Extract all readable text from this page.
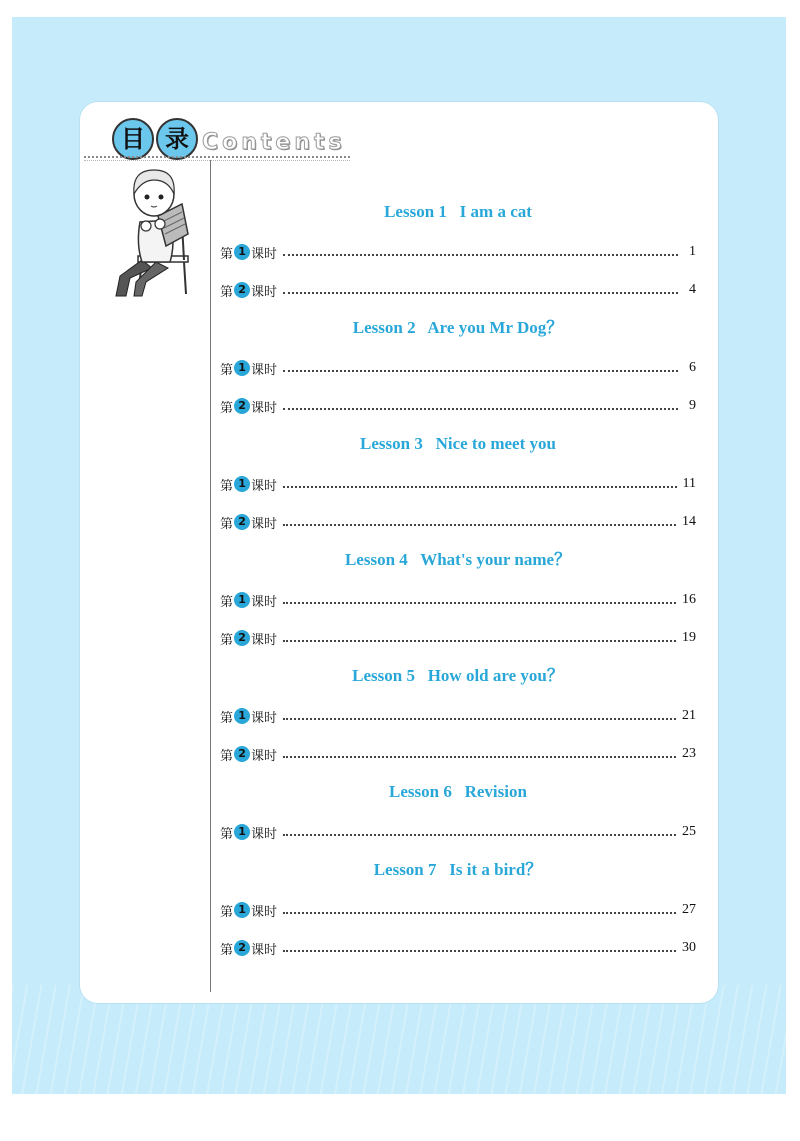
目 录 Contents
Lesson 1   I am a cat
第 1 课时	1
第 2 课时	4
Lesson 2   Are you Mr Dog？
第 1 课时	6
第 2 课时	9
Lesson 3   Nice to meet you
第 1 课时	11
第 2 课时	14
Lesson 4   What's your name？
第 1 课时	16
第 2 课时	19
Lesson 5   How old are you？
第 1 课时	21
第 2 课时	23
Lesson 6   Revision
第 1 课时	25
Lesson 7   Is it a bird？
第 1 课时	27
第 2 课时	30
